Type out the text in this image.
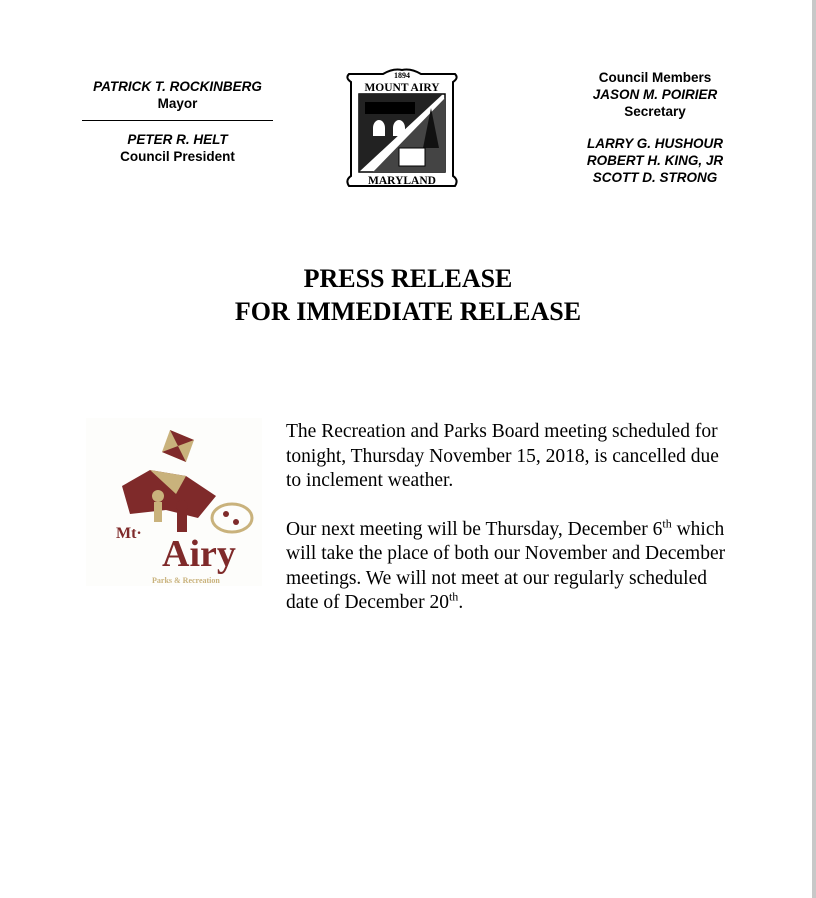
PATRICK T. ROCKINBERG
Mayor
PETER R. HELT
Council President
1894
MOUNT AIRY
MARYLAND
Council Members
JASON M. POIRIER
Secretary
LARRY G. HUSHOUR
ROBERT H. KING, JR
SCOTT D. STRONG
PRESS RELEASE
FOR IMMEDIATE RELEASE
Mt· Airy
Parks & Recreation

The Recreation and Parks Board meeting scheduled for tonight, Thursday November 15, 2018, is cancelled due to inclement weather.

Our next meeting will be Thursday, December 6th which will take the place of both our November and December meetings. We will not meet at our regularly scheduled date of December 20th.
